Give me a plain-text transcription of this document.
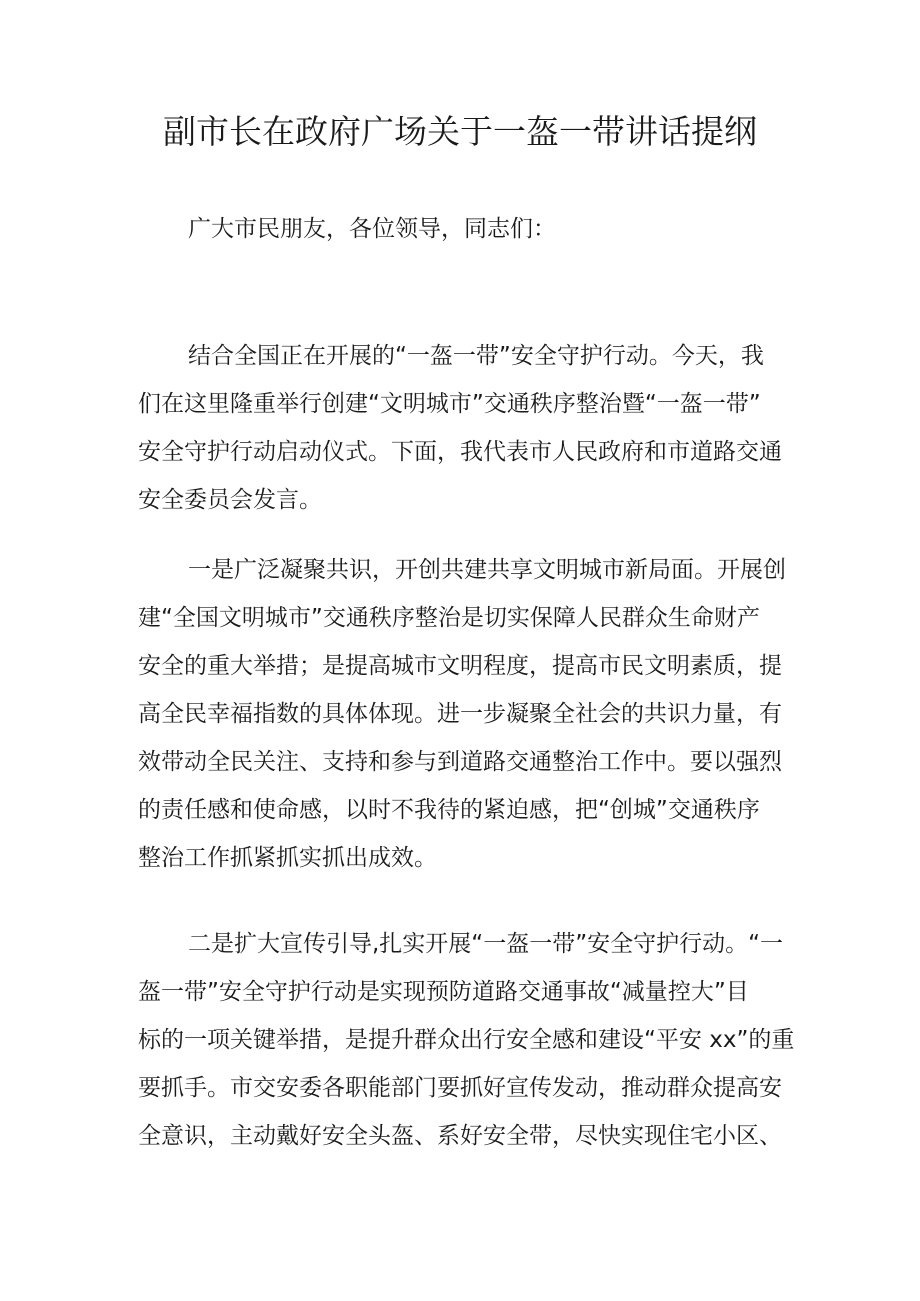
副市长在政府广场关于一盔一带讲话提纲
广大市民朋友，各位领导，同志们：
结合全国正在开展的“一盔一带”安全守护行动。今天，我
们在这里隆重举行创建“文明城市”交通秩序整治暨“一盔一带”
安全守护行动启动仪式。下面，我代表市人民政府和市道路交通
安全委员会发言。
一是广泛凝聚共识，开创共建共享文明城市新局面。开展创
建“全国文明城市”交通秩序整治是切实保障人民群众生命财产
安全的重大举措；是提高城市文明程度，提高市民文明素质，提
高全民幸福指数的具体体现。进一步凝聚全社会的共识力量，有
效带动全民关注、支持和参与到道路交通整治工作中。要以强烈
的责任感和使命感，以时不我待的紧迫感，把“创城”交通秩序
整治工作抓紧抓实抓出成效。
二是扩大宣传引导,扎实开展“一盔一带”安全守护行动。“一
盔一带”安全守护行动是实现预防道路交通事故“减量控大”目
标的一项关键举措，是提升群众出行安全感和建设“平安 xx”的重
要抓手。市交安委各职能部门要抓好宣传发动，推动群众提高安
全意识，主动戴好安全头盔、系好安全带，尽快实现住宅小区、
